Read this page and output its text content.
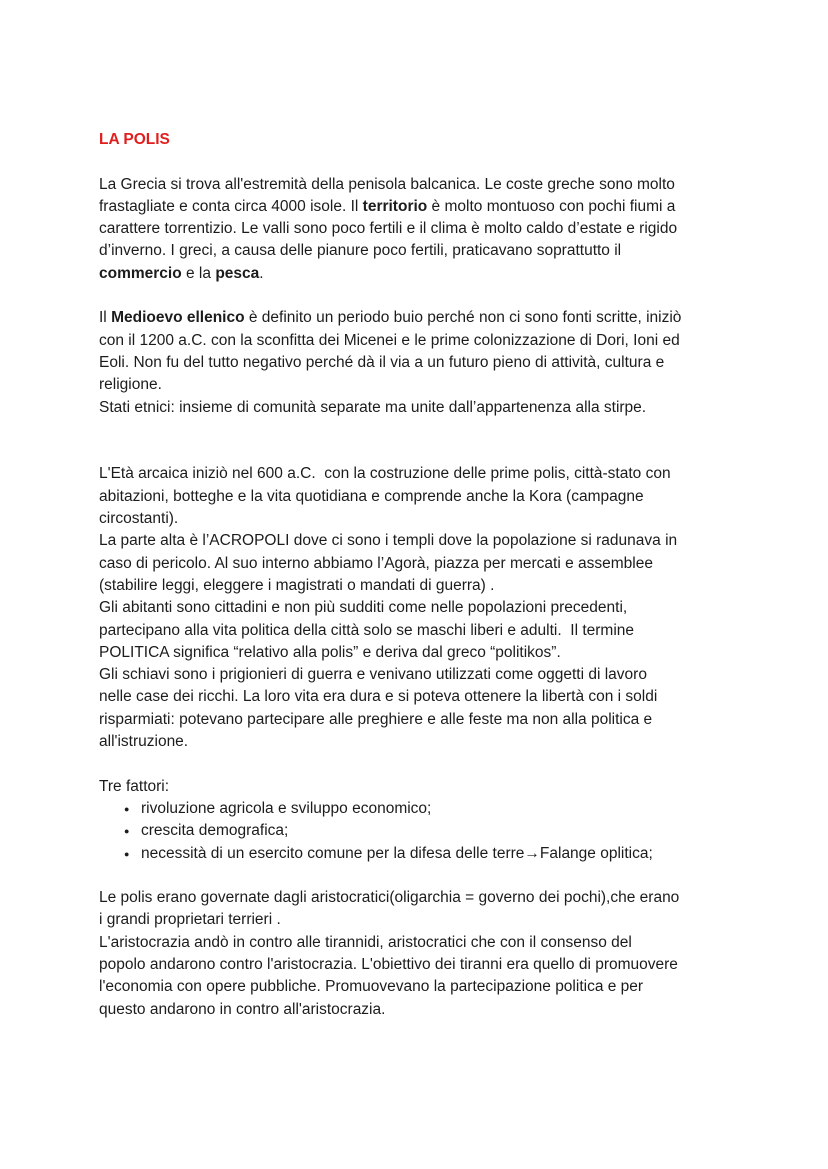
LA POLIS

La Grecia si trova all'estremità della penisola balcanica. Le coste greche sono molto
frastagliate e conta circa 4000 isole. Il territorio è molto montuoso con pochi fiumi a
carattere torrentizio. Le valli sono poco fertili e il clima è molto caldo d’estate e rigido
d’inverno. I greci, a causa delle pianure poco fertili, praticavano soprattutto il
commercio e la pesca.

Il Medioevo ellenico è definito un periodo buio perché non ci sono fonti scritte, iniziò
con il 1200 a.C. con la sconfitta dei Micenei e le prime colonizzazione di Dori, Ioni ed
Eoli. Non fu del tutto negativo perché dà il via a un futuro pieno di attività, cultura e
religione.
Stati etnici: insieme di comunità separate ma unite dall’appartenenza alla stirpe.

L'Età arcaica iniziò nel 600 a.C.  con la costruzione delle prime polis, città-stato con
abitazioni, botteghe e la vita quotidiana e comprende anche la Kora (campagne
circostanti).
La parte alta è l’ACROPOLI dove ci sono i templi dove la popolazione si radunava in
caso di pericolo. Al suo interno abbiamo l’Agorà, piazza per mercati e assemblee
(stabilire leggi, eleggere i magistrati o mandati di guerra) .
Gli abitanti sono cittadini e non più sudditi come nelle popolazioni precedenti,
partecipano alla vita politica della città solo se maschi liberi e adulti.  Il termine
POLITICA significa “relativo alla polis” e deriva dal greco “politikos”.
Gli schiavi sono i prigionieri di guerra e venivano utilizzati come oggetti di lavoro
nelle case dei ricchi. La loro vita era dura e si poteva ottenere la libertà con i soldi
risparmiati: potevano partecipare alle preghiere e alle feste ma non alla politica e
all'istruzione.

Tre fattori:
● rivoluzione agricola e sviluppo economico;
● crescita demografica;
● necessità di un esercito comune per la difesa delle terre→Falange oplitica;

Le polis erano governate dagli aristocratici(oligarchia = governo dei pochi),che erano
i grandi proprietari terrieri .
L'aristocrazia andò in contro alle tirannidi, aristocratici che con il consenso del
popolo andarono contro l'aristocrazia. L'obiettivo dei tiranni era quello di promuovere
l'economia con opere pubbliche. Promuovevano la partecipazione politica e per
questo andarono in contro all'aristocrazia.
